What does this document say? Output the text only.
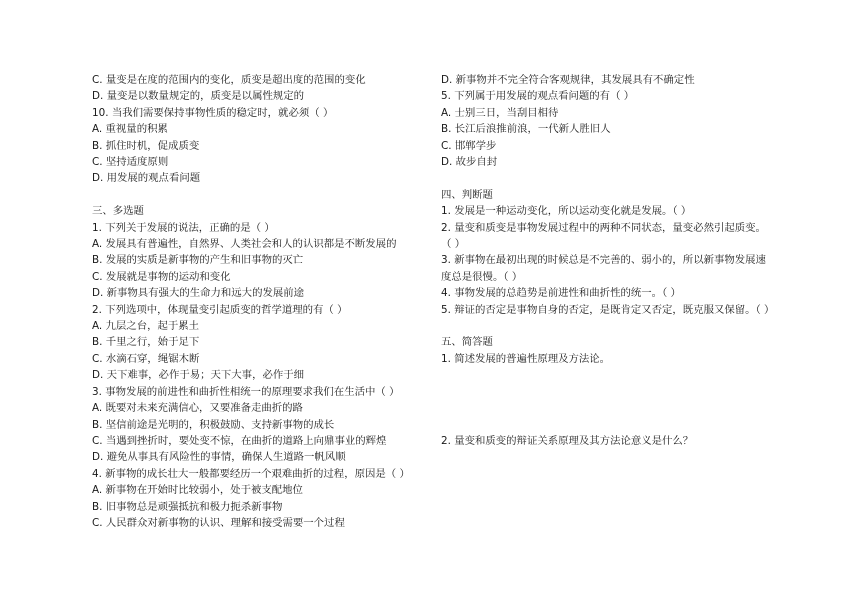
C. 量变是在度的范围内的变化，质变是超出度的范围的变化
D. 量变是以数量规定的，质变是以属性规定的
10. 当我们需要保持事物性质的稳定时，就必须（ ）
A. 重视量的积累
B. 抓住时机，促成质变
C. 坚持适度原则
D. 用发展的观点看问题
三、多选题
1. 下列关于发展的说法，正确的是（ ）
A. 发展具有普遍性，自然界、人类社会和人的认识都是不断发展的
B. 发展的实质是新事物的产生和旧事物的灭亡
C. 发展就是事物的运动和变化
D. 新事物具有强大的生命力和远大的发展前途
2. 下列选项中，体现量变引起质变的哲学道理的有（ ）
A. 九层之台，起于累土
B. 千里之行，始于足下
C. 水滴石穿，绳锯木断
D. 天下难事，必作于易；天下大事，必作于细
3. 事物发展的前进性和曲折性相统一的原理要求我们在生活中（ ）
A. 既要对未来充满信心，又要准备走曲折的路
B. 坚信前途是光明的，积极鼓励、支持新事物的成长
C. 当遇到挫折时，要处变不惊，在曲折的道路上向鼎事业的辉煌
D. 避免从事具有风险性的事情，确保人生道路一帆风顺
4. 新事物的成长壮大一般都要经历一个艰难曲折的过程，原因是（ ）
A. 新事物在开始时比较弱小，处于被支配地位
B. 旧事物总是顽强抵抗和极力扼杀新事物
C. 人民群众对新事物的认识、理解和接受需要一个过程
D. 新事物并不完全符合客观规律，其发展具有不确定性
5. 下列属于用发展的观点看问题的有（ ）
A. 士别三日，当刮目相待
B. 长江后浪推前浪，一代新人胜旧人
C. 邯郸学步
D. 故步自封
四、判断题
1. 发展是一种运动变化，所以运动变化就是发展。（ ）
2. 量变和质变是事物发展过程中的两种不同状态，量变必然引起质变。
（ ）
3. 新事物在最初出现的时候总是不完善的、弱小的，所以新事物发展速
度总是很慢。（ ）
4. 事物发展的总趋势是前进性和曲折性的统一。（ ）
5. 辩证的否定是事物自身的否定，是既肯定又否定，既克服又保留。（ ）
五、简答题
1. 简述发展的普遍性原理及方法论。
2. 量变和质变的辩证关系原理及其方法论意义是什么？
